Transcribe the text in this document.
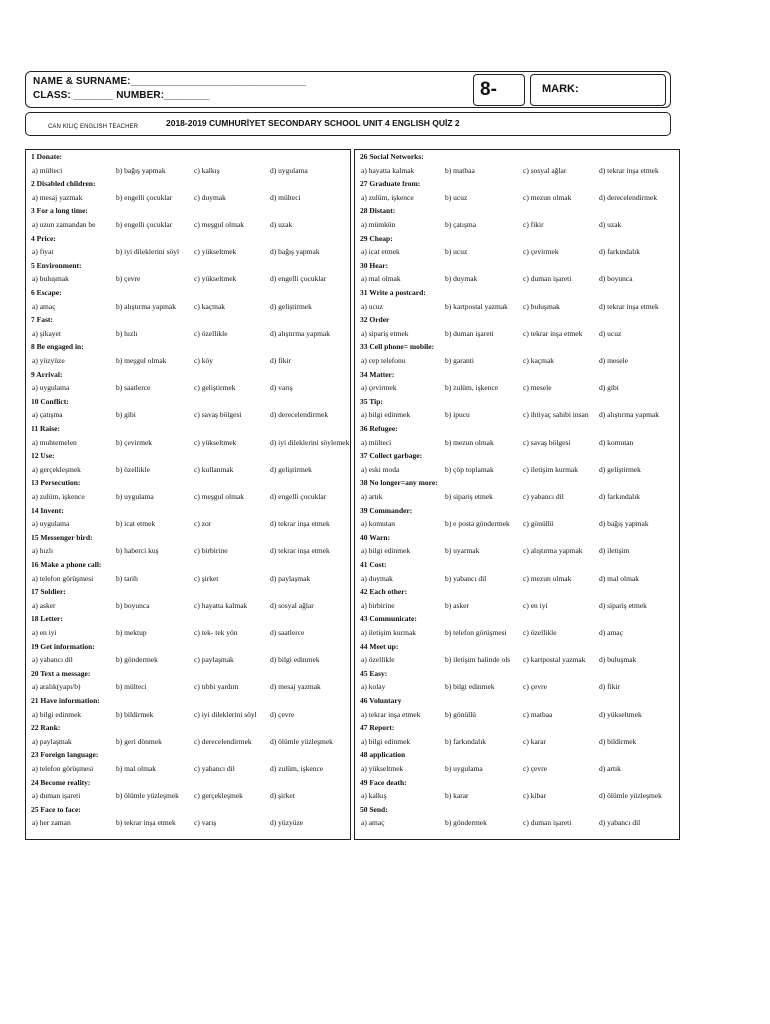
NAME & SURNAME:_______________________________
CLASS: _______ NUMBER:________	8-	MARK:
CAN KILIÇ ENGLISH TEACHER	2018-2019 CUMHURİYET SECONDARY SCHOOL UNIT 4 ENGLISH QUİZ 2
1 Donate:
a) mülteci	b) bağış yapmak	c) kalkış	d) uygulama
2 Disabled children:
a) mesaj yazmak	b) engelli çocuklar	c) duymak	d) mülteci
3 For a long time:
a) uzun zamandan be	b) engelli çocuklar	c) meşgul olmak	d) uzak
4 Price:
a) fiyat	b) iyi dileklerini söyl c) yükseltmek	d) bağış yapmak
5 Environment:
a) buluşmak	b) çevre	c) yükseltmek	d) engelli çocuklar
6 Escape:
a) amaç	b) alıştırma yapmak c) kaçmak	d) geliştirmek
7 Fast:
a) şikayet	b) hızlı	c) özellikle	d) alıştırma yapmak
8 Be engaged in:
a) yüzyüze	b) meşgul olmak	c) köy	d) fikir
9 Arrival:
a) uygulama	b) saatlerce	c) geliştirmek	d) varış
10 Conflict:
a) çatışma	b) gibi	c) savaş bölgesi	d) derecelendirmek
11 Raise:
a) muhtemelen	b) çevirmek	c) yükseltmek	d) iyi dileklerini söylemek
12 Use:
a) gerçekleşmek	b) özellikle	c) kullanmak	d) geliştirmek
13 Persecution:
a) zulüm, işkence	b) uygulama	c) meşgul olmak	d) engelli çocuklar
14 Invent:
a) uygulama	b) icat etmek	c) zor	d) tekrar inşa etmek
15 Messenger bird:
a) hızlı	b) haberci kuş	c) birbirine	d) tekrar inşa etmek
16 Make a phone call:
a) telefon görüşmesi	b) tarih	c) şirket	d) paylaşmak
17 Soldier:
a) asker	b) boyunca	c) hayatta kalmak	d) sosyal ağlar
18 Letter:
a) en iyi	b) mektup	c) tek- tek yön	d) saatlerce
19 Get information:
a) yabancı dil	b) göndermek	c) paylaşmak	d) bilgi edinmek
20 Text a message:
a) aralık(yapı/b)	b) mülteci	c) tıbbi yardım	d) mesaj yazmak
21 Have information:
a) bilgi edinmek	b) bildirmek	c) iyi dileklerini söyl d) çevre
22 Rank:
a) paylaşmak	b) geri dönmek	c) derecelendirmek d) ölümle yüzleşmek
23 Foreign language:
a) telefon görüşmesi	b) mal olmak	c) yabancı dil	d) zulüm, işkence
24 Become reality:
a) duman işareti	b) ölümle yüzleşmek c) gerçekleşmek	d) şirket
25 Face to face:
a) her zaman	b) tekrar inşa etmek c) varış	d) yüzyüze
26 Social Networks:
a) hayatta kalmak	b) matbaa	c) sosyal ağlar	d) tekrar inşa etmek
27 Graduate from:
a) zulüm, işkence	b) ucuz	c) mezun olmak	d) derecelendirmek
28 Distant:
a) mümkün	b) çatışma	c) fikir	d) uzak
29 Cheap:
a) icat etmek	b) ucuz	c) çevirmek	d) farkındalık
30 Hear:
a) mal olmak	b) duymak	c) duman işareti	d) boyunca
31 Write a postcard:
a) ucuz	b) kartpostal yazmak c) buluşmak	d) tekrar inşa etmek
32 Order
a) sipariş etmek	b) duman işareti	c) tekrar inşa etmek d) ucuz
33 Cell phone= mobile:
a) cep telefonu	b) garanti	c) kaçmak	d) mesele
34 Matter:
a) çevirmek	b) zulüm, işkence	c) mesele	d) gibi
35 Tip:
a) bilgi edinmek	b) ipucu	c) ihtiyaç sahibi insan d) alıştırma yapmak
36 Refugee:
a) mülteci	b) mezun olmak	c) savaş bölgesi	d) komutan
37 Collect garbage:
a) eski moda	b) çöp toplamak	c) iletişim kurmak	d) geliştirmek
38 No longer=any more:
a) artık	b) sipariş etmek	c) yabancı dil	d) farkındalık
39 Commander:
a) komutan	b) e posta göndermek c) gönüllü	d) bağış yapmak
40 Warn:
a) bilgi edinmek	b) uyarmak	c) alıştırma yapmak d) iletişim
41 Cost:
a) duymak	b) yabancı dil	c) mezun olmak	d) mal olmak
42 Each other:
a) birbirine	b) asker	c) en iyi	d) sipariş etmek
43 Communicate:
a) iletişim kurmak	b) telefon görüşmesi c) özellikle	d) amaç
44 Meet up:
a) özellikle	b) iletişim halinde ols c) kartpostal yazmak d) buluşmak
45 Easy:
a) kolay	b) bilgi edinmek	c) çevre	d) fikir
46 Voluntary
a) tekrar inşa etmek	b) gönüllü	c) matbaa	d) yükseltmek
47 Report:
a) bilgi edinmek	b) farkındalık	c) karar	d) bildirmek
48 application
a) yükseltmek	b) uygulama	c) çevre	d) artık
49 Face death:
a) kalkış	b) karar	c) kibar	d) ölümle yüzleşmek
50 Send:
a) amaç	b) göndermek	c) duman işareti	d) yabancı dil
